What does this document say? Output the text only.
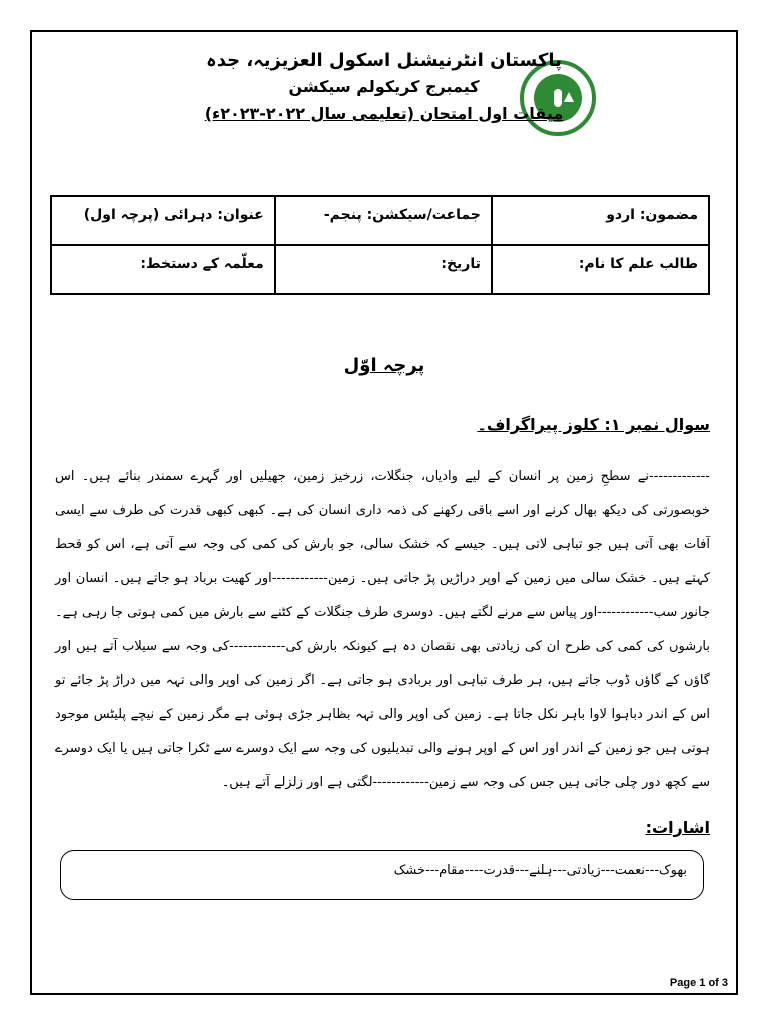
پاکستان انٹرنیشنل اسکول العزیزیہ، جدہ
کیمبرج کریکولم سیکشن
میقات اول امتحان (تعلیمی سال ۲۰۲۲-۲۰۲۳ء)
مضمون: اردو	جماعت/سیکشن: پنجم-	عنوان: دہرائی (پرچہ اول)
طالب علم کا نام:	تاریخ:	معلّمہ کے دستخط:
پرچہ اوّل
سوال نمبر ۱: کلوز پیراگراف۔
-------------نے سطحِ زمین پر انسان کے لیے وادیاں، جنگلات، زرخیز زمین، جھیلیں اور گہرے سمندر بنائے ہیں۔ اس خوبصورتی کی دیکھ بھال کرنے اور اسے باقی رکھنے کی ذمہ داری انسان کی ہے۔ کبھی کبھی قدرت کی طرف سے ایسی آفات بھی آتی ہیں جو تباہی لاتی ہیں۔ جیسے کہ خشک سالی، جو بارش کی کمی کی وجہ سے آتی ہے، اس کو قحط کہتے ہیں۔ خشک سالی میں زمین کے اوپر دراڑیں پڑ جاتی ہیں۔ زمین------------اور کھیت برباد ہو جاتے ہیں۔ انسان اور جانور سب------------اور پیاس سے مرنے لگتے ہیں۔ دوسری طرف جنگلات کے کٹنے سے بارش میں کمی ہوتی جا رہی ہے۔ بارشوں کی کمی کی طرح ان کی زیادتی بھی نقصان دہ ہے کیونکہ بارش کی------------کی وجہ سے سیلاب آتے ہیں اور گاؤں کے گاؤں ڈوب جاتے ہیں، ہر طرف تباہی اور بربادی ہو جاتی ہے۔ اگر زمین کی اوپر والی تہہ میں دراڑ پڑ جائے تو اس کے اندر دباہوا لاوا باہر نکل جاتا ہے۔ زمین کی اوپر والی تہہ بظاہر جڑی ہوئی ہے مگر زمین کے نیچے پلیٹس موجود ہوتی ہیں جو زمین کے اندر اور اس کے اوپر ہونے والی تبدیلیوں کی وجہ سے ایک دوسرے سے ٹکرا جاتی ہیں یا ایک دوسرے سے کچھ دور چلی جاتی ہیں جس کی وجہ سے زمین------------لگتی ہے اور زلزلے آتے ہیں۔
اشارات:
بھوک---نعمت---زیادتی---ہلنے---قدرت----مقام---خشک
Page 1 of 3
